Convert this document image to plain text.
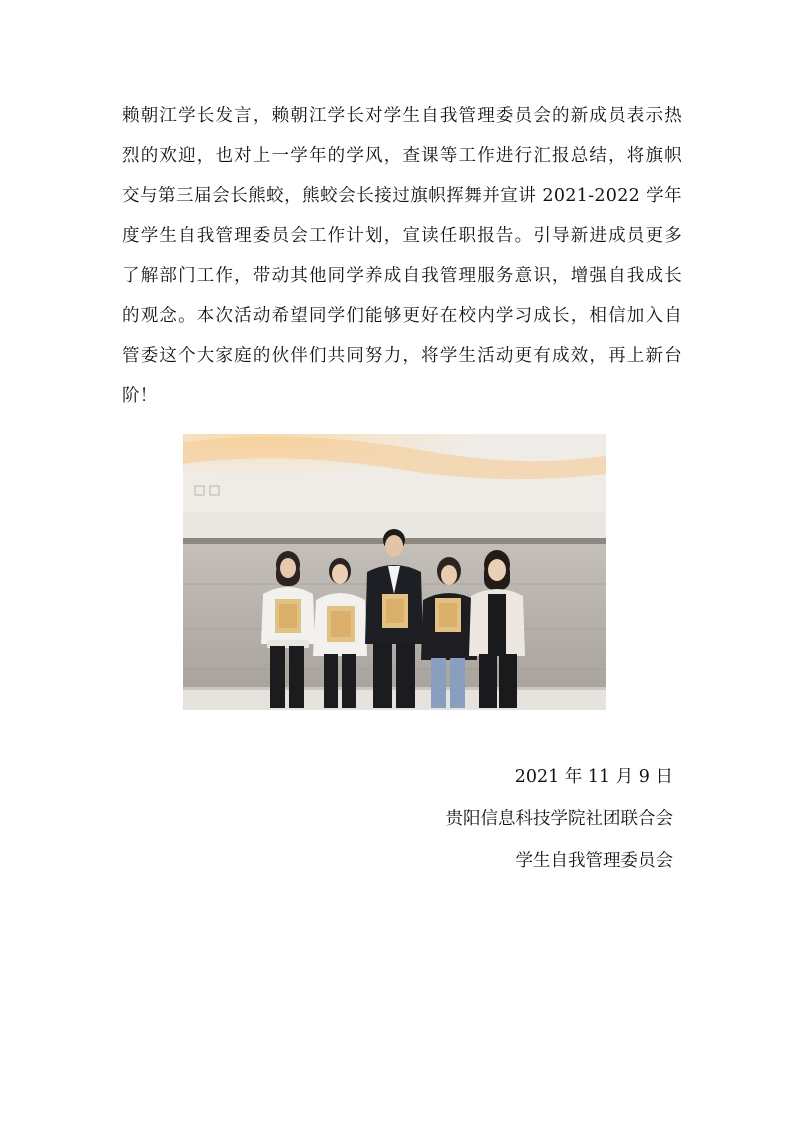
赖朝江学长发言，赖朝江学长对学生自我管理委员会的新成员表示热
烈的欢迎，也对上一学年的学风，查课等工作进行汇报总结，将旗帜
交与第三届会长熊蛟，熊蛟会长接过旗帜挥舞并宣讲 2021-2022 学年
度学生自我管理委员会工作计划，宣读任职报告。引导新进成员更多
了解部门工作，带动其他同学养成自我管理服务意识，增强自我成长
的观念。本次活动希望同学们能够更好在校内学习成长，相信加入自
管委这个大家庭的伙伴们共同努力，将学生活动更有成效，再上新台
阶！
2021 年 11 月 9 日
贵阳信息科技学院社团联合会
学生自我管理委员会
